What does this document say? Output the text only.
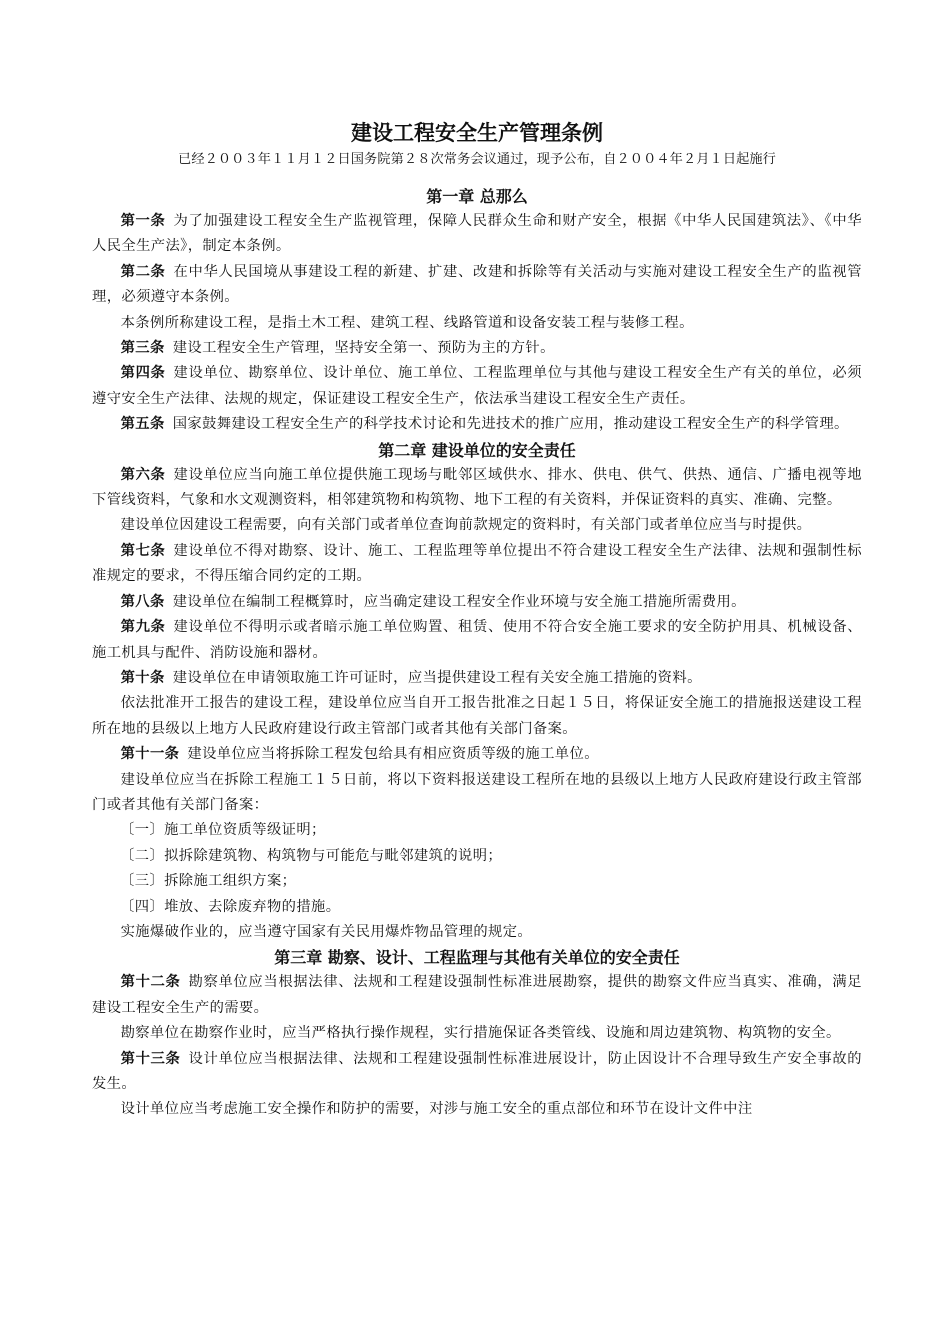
建设工程安全生产管理条例

已经２００３年１１月１２日国务院第２８次常务会议通过，现予公布，自２００４年２月１日起施行

第一章 总那么

第一条 为了加强建设工程安全生产监视管理，保障人民群众生命和财产安全，根据《中华人民国建筑法》、《中华人民全生产法》，制定本条例。

第二条 在中华人民国境从事建设工程的新建、扩建、改建和拆除等有关活动与实施对建设工程安全生产的监视管理，必须遵守本条例。

本条例所称建设工程，是指土木工程、建筑工程、线路管道和设备安装工程与装修工程。

第三条 建设工程安全生产管理，坚持安全第一、预防为主的方针。

第四条 建设单位、勘察单位、设计单位、施工单位、工程监理单位与其他与建设工程安全生产有关的单位，必须遵守安全生产法律、法规的规定，保证建设工程安全生产，依法承当建设工程安全生产责任。

第五条 国家鼓舞建设工程安全生产的科学技术讨论和先进技术的推广应用，推动建设工程安全生产的科学管理。

第二章 建设单位的安全责任

第六条 建设单位应当向施工单位提供施工现场与毗邻区域供水、排水、供电、供气、供热、通信、广播电视等地下管线资料，气象和水文观测资料，相邻建筑物和构筑物、地下工程的有关资料，并保证资料的真实、准确、完整。

建设单位因建设工程需要，向有关部门或者单位查询前款规定的资料时，有关部门或者单位应当与时提供。

第七条 建设单位不得对勘察、设计、施工、工程监理等单位提出不符合建设工程安全生产法律、法规和强制性标准规定的要求，不得压缩合同约定的工期。

第八条 建设单位在编制工程概算时，应当确定建设工程安全作业环境与安全施工措施所需费用。

第九条 建设单位不得明示或者暗示施工单位购置、租赁、使用不符合安全施工要求的安全防护用具、机械设备、施工机具与配件、消防设施和器材。

第十条 建设单位在申请领取施工许可证时，应当提供建设工程有关安全施工措施的资料。

依法批准开工报告的建设工程，建设单位应当自开工报告批准之日起１５日，将保证安全施工的措施报送建设工程所在地的县级以上地方人民政府建设行政主管部门或者其他有关部门备案。

第十一条 建设单位应当将拆除工程发包给具有相应资质等级的施工单位。

建设单位应当在拆除工程施工１５日前，将以下资料报送建设工程所在地的县级以上地方人民政府建设行政主管部门或者其他有关部门备案：

〔一〕施工单位资质等级证明；

〔二〕拟拆除建筑物、构筑物与可能危与毗邻建筑的说明；

〔三〕拆除施工组织方案；

〔四〕堆放、去除废弃物的措施。

实施爆破作业的，应当遵守国家有关民用爆炸物品管理的规定。

第三章 勘察、设计、工程监理与其他有关单位的安全责任

第十二条 勘察单位应当根据法律、法规和工程建设强制性标准进展勘察，提供的勘察文件应当真实、准确，满足建设工程安全生产的需要。

勘察单位在勘察作业时，应当严格执行操作规程，实行措施保证各类管线、设施和周边建筑物、构筑物的安全。

第十三条 设计单位应当根据法律、法规和工程建设强制性标准进展设计，防止因设计不合理导致生产安全事故的发生。

设计单位应当考虑施工安全操作和防护的需要，对涉与施工安全的重点部位和环节在设计文件中注
